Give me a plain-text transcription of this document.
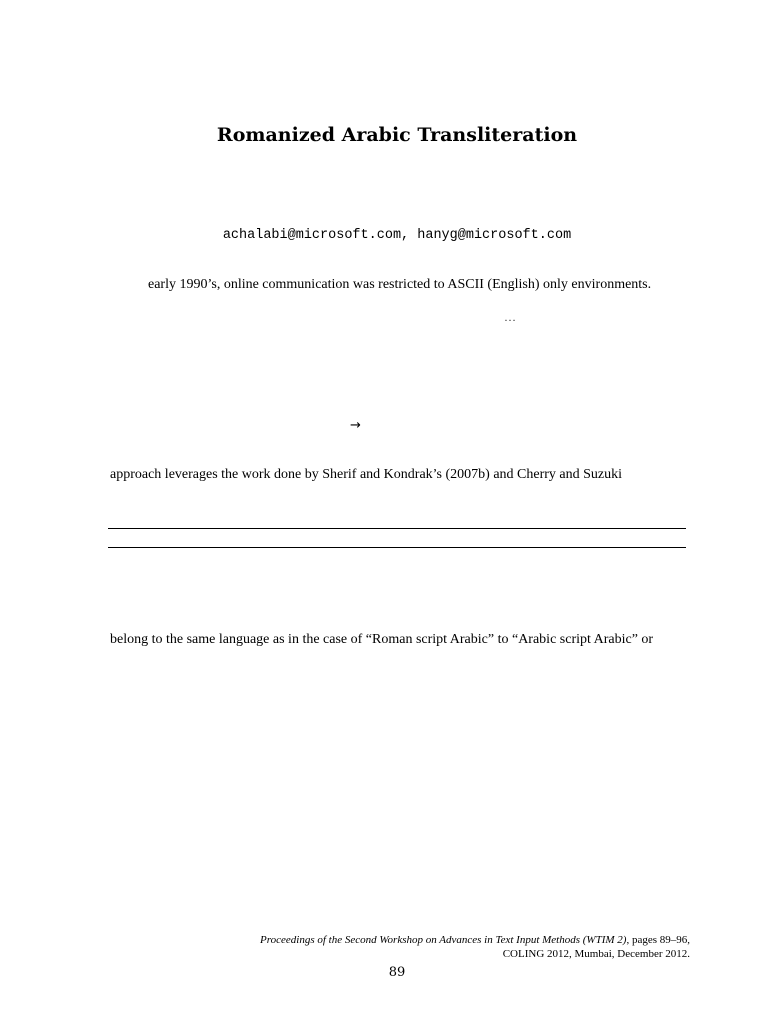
Romanized Arabic Transliteration
achalabi@microsoft.com, hanyg@microsoft.com
early 1990’s, online communication was restricted to ASCII (English) only environments.
…
→
approach leverages the work done by Sherif and Kondrak’s (2007b) and Cherry and Suzuki
belong to the same language as in the case of “Roman script Arabic” to “Arabic script Arabic” or
Proceedings of the Second Workshop on Advances in Text Input Methods (WTIM 2), pages 89–96,
COLING 2012, Mumbai, December 2012.
89
